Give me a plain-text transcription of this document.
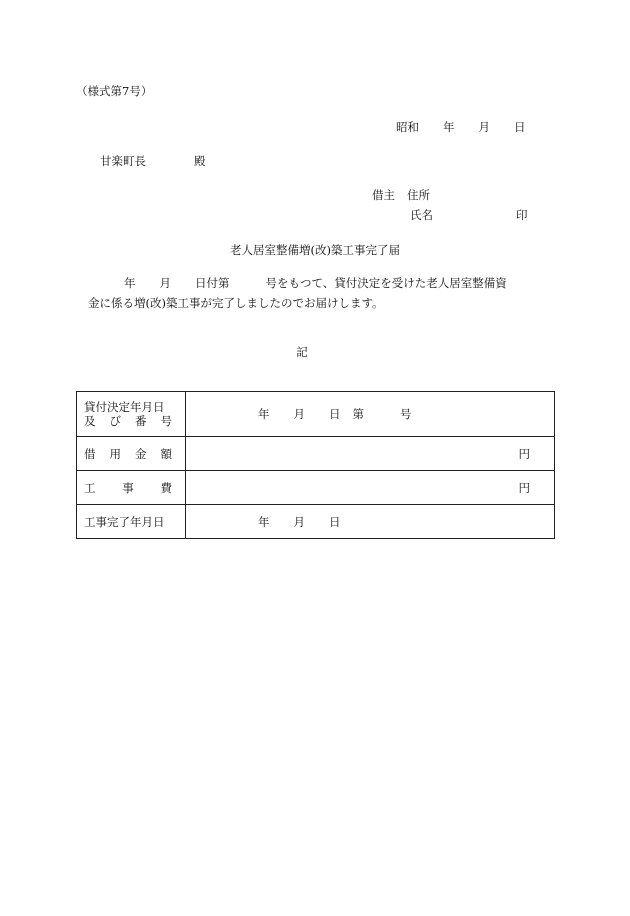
（様式第7号）
昭和 年 月 日
甘楽町長	殿
借主 住所
氏名	印
老人居室整備増(改)築工事完了届
年 月 日付第	号をもつて、貸付決定を受けた老人居室整備資
金に係る増(改)築工事が完了しましたのでお届けします。
記
貸付決定年月日
及 び 番 号	年 月 日 第 号

借 用 金 額	円

工 事 費	円

工事完了年月日	年 月 日
